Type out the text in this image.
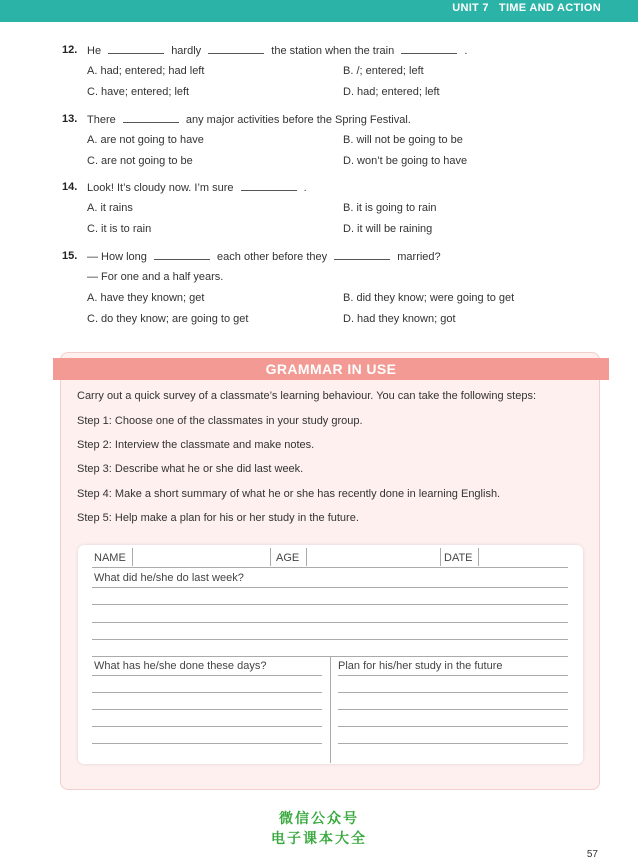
UNIT 7 TIME AND ACTION
12. He	hardly	the station when the train	.
A. had; entered; had left	B. /; entered; left
C. have; entered; left	D. had; entered; left
13. There	any major activities before the Spring Festival.
A. are not going to have	B. will not be going to be
C. are not going to be	D. won’t be going to have
14. Look! It’s cloudy now. I’m sure	.
A. it rains	B. it is going to rain
C. it is to rain	D. it will be raining
15. — How long	each other before they	married?
— For one and a half years.
A. have they known; get	B. did they know; were going to get
C. do they know; are going to get	D. had they known; got
GRAMMAR IN USE
Carry out a quick survey of a classmate’s learning behaviour. You can take the following steps:
Step 1: Choose one of the classmates in your study group.
Step 2: Interview the classmate and make notes.
Step 3: Describe what he or she did last week.
Step 4: Make a short summary of what he or she has recently done in learning English.
Step 5: Help make a plan for his or her study in the future.
NAME	AGE	DATE
What did he/she do last week?
What has he/she done these days?	Plan for his/her study in the future
微信公众号
电子课本大全
57
